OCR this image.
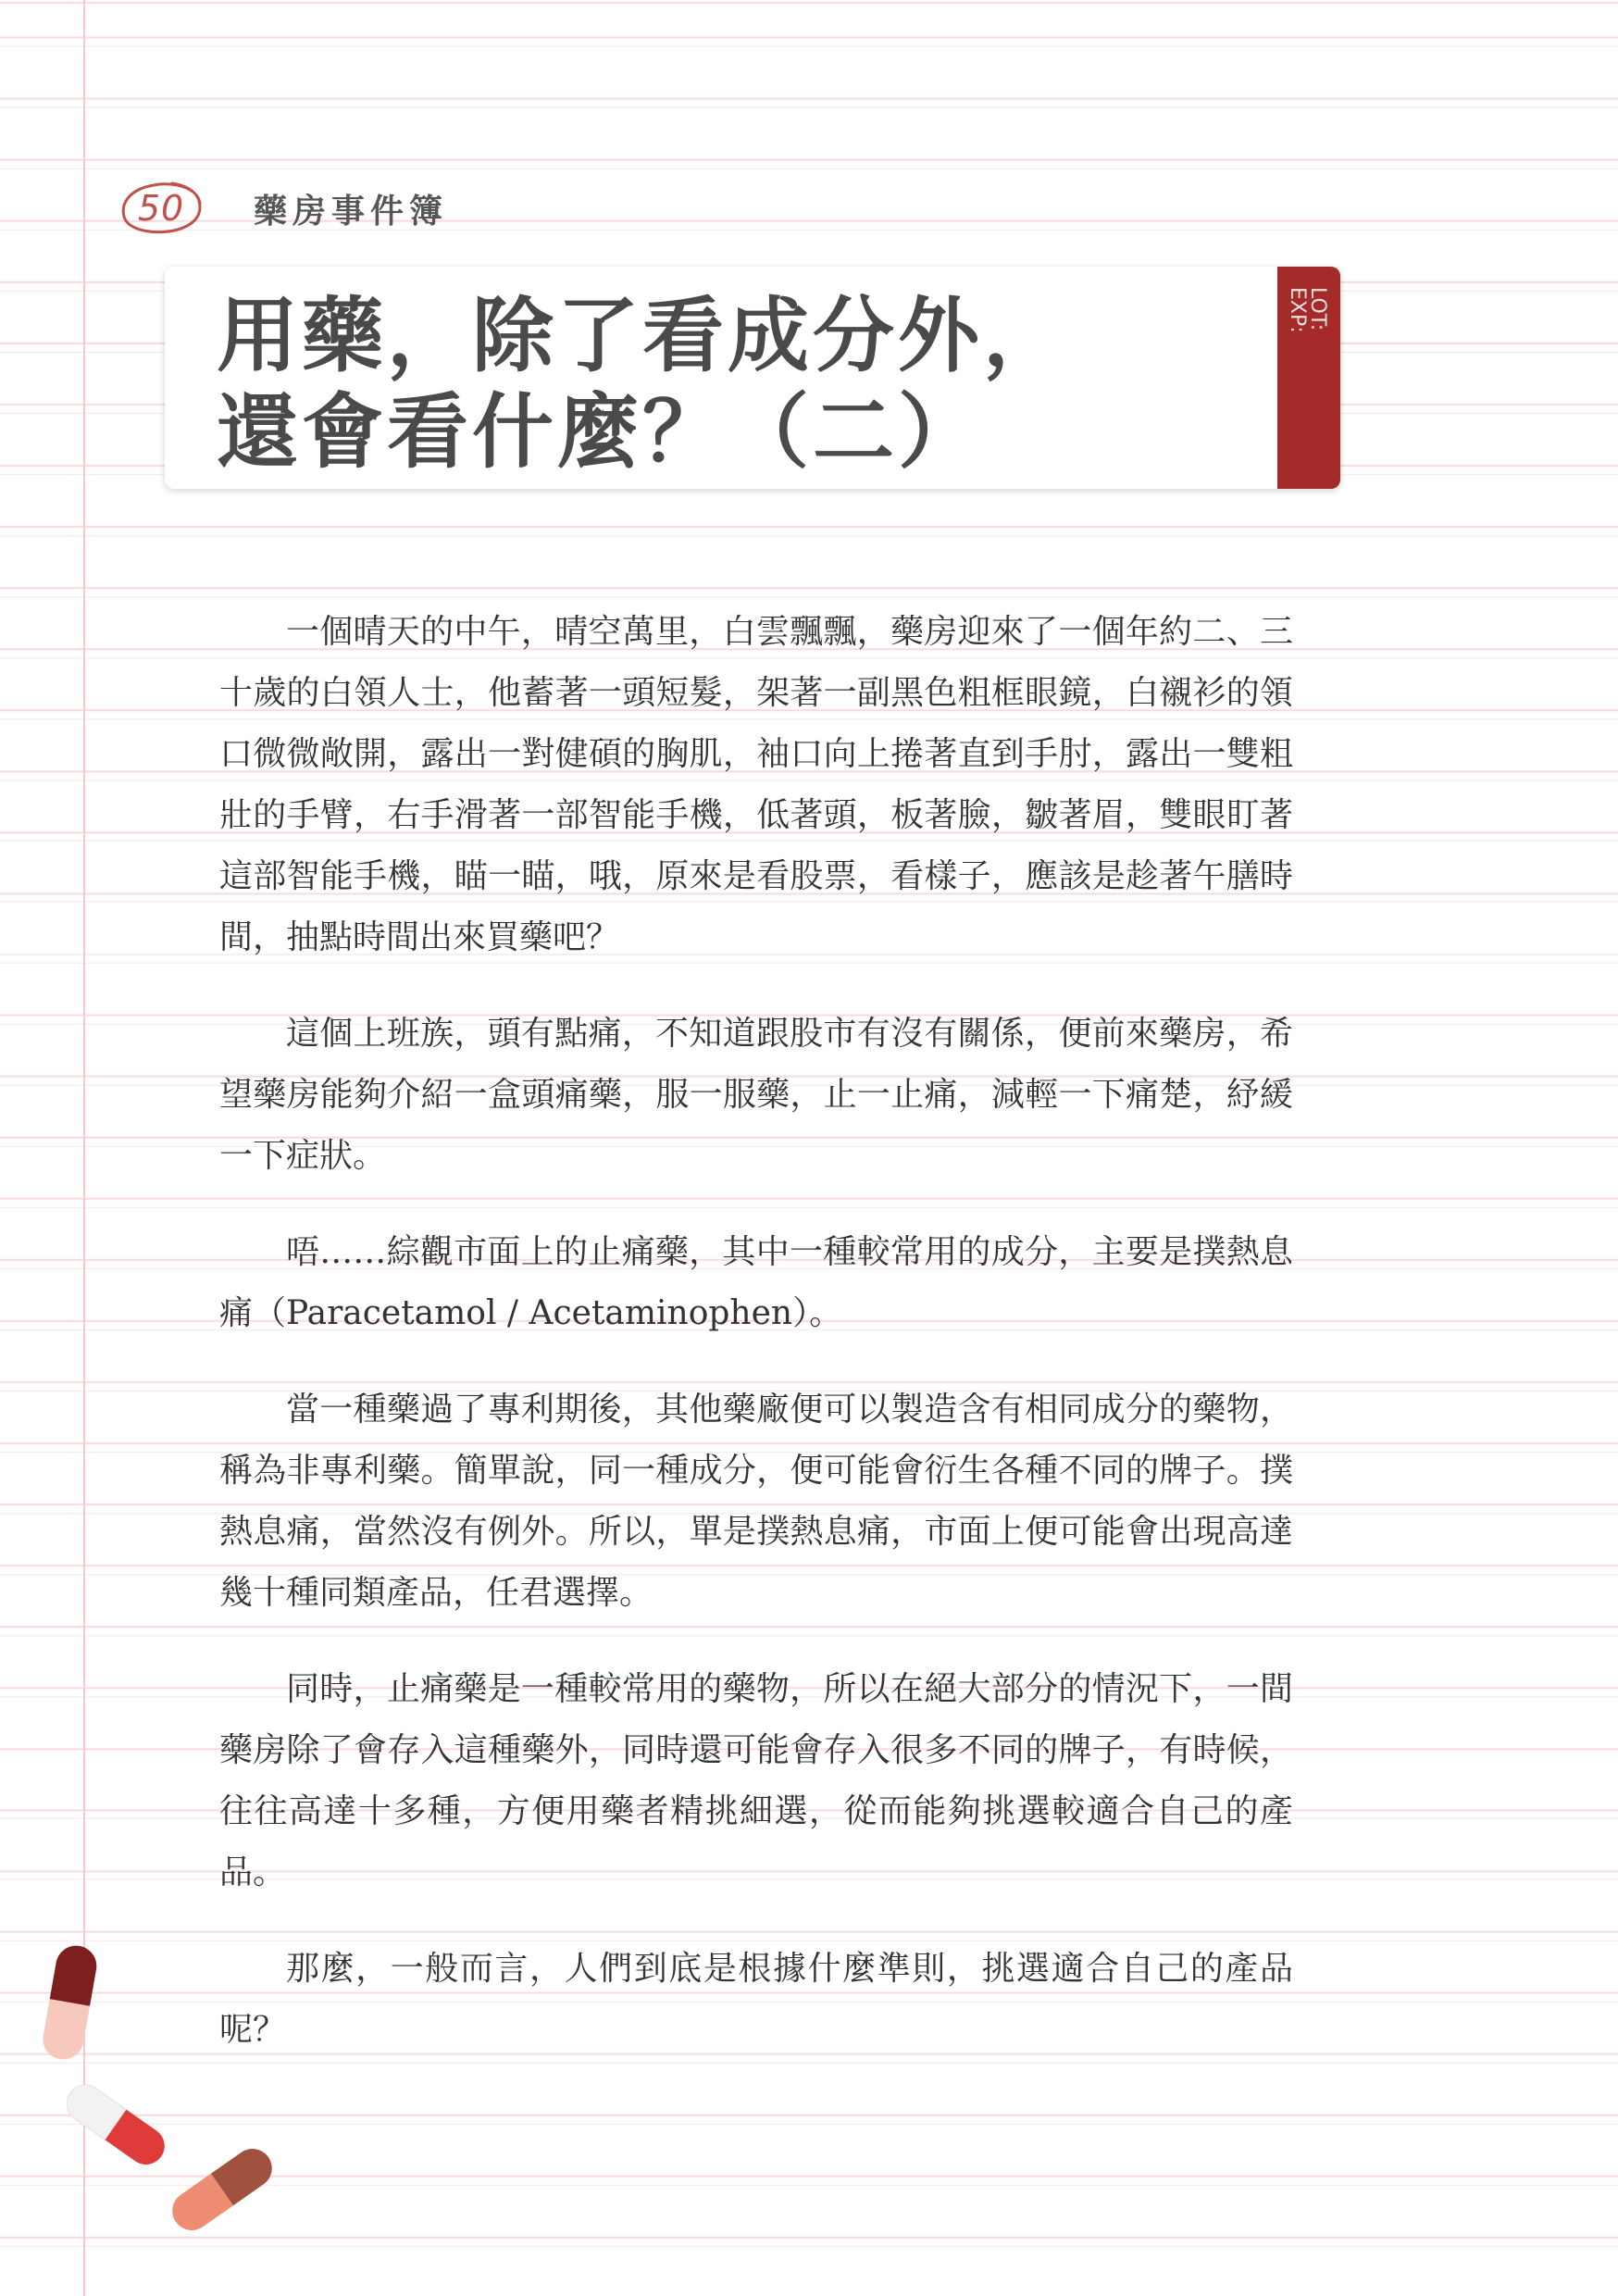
50 藥房事件簿
用藥，除了看成分外，
還會看什麼？（二）
LOT:
EXP:

一個晴天的中午，晴空萬里，白雲飄飄，藥房迎來了一個年約二、三十歲的白領人士，他蓄著一頭短髮，架著一副黑色粗框眼鏡，白襯衫的領口微微敞開，露出一對健碩的胸肌，袖口向上捲著直到手肘，露出一雙粗壯的手臂，右手滑著一部智能手機，低著頭，板著臉，皺著眉，雙眼盯著這部智能手機，瞄一瞄，哦，原來是看股票，看樣子，應該是趁著午膳時間，抽點時間出來買藥吧？

這個上班族，頭有點痛，不知道跟股市有沒有關係，便前來藥房，希望藥房能夠介紹一盒頭痛藥，服一服藥，止一止痛，減輕一下痛楚，紓緩一下症狀。

唔……綜觀市面上的止痛藥，其中一種較常用的成分，主要是撲熱息痛（Paracetamol / Acetaminophen）。

當一種藥過了專利期後，其他藥廠便可以製造含有相同成分的藥物，稱為非專利藥。簡單說，同一種成分，便可能會衍生各種不同的牌子。撲熱息痛，當然沒有例外。所以，單是撲熱息痛，市面上便可能會出現高達幾十種同類產品，任君選擇。

同時，止痛藥是一種較常用的藥物，所以在絕大部分的情況下，一間藥房除了會存入這種藥外，同時還可能會存入很多不同的牌子，有時候，往往高達十多種，方便用藥者精挑細選，從而能夠挑選較適合自己的產品。

那麼，一般而言，人們到底是根據什麼準則，挑選適合自己的產品呢？
